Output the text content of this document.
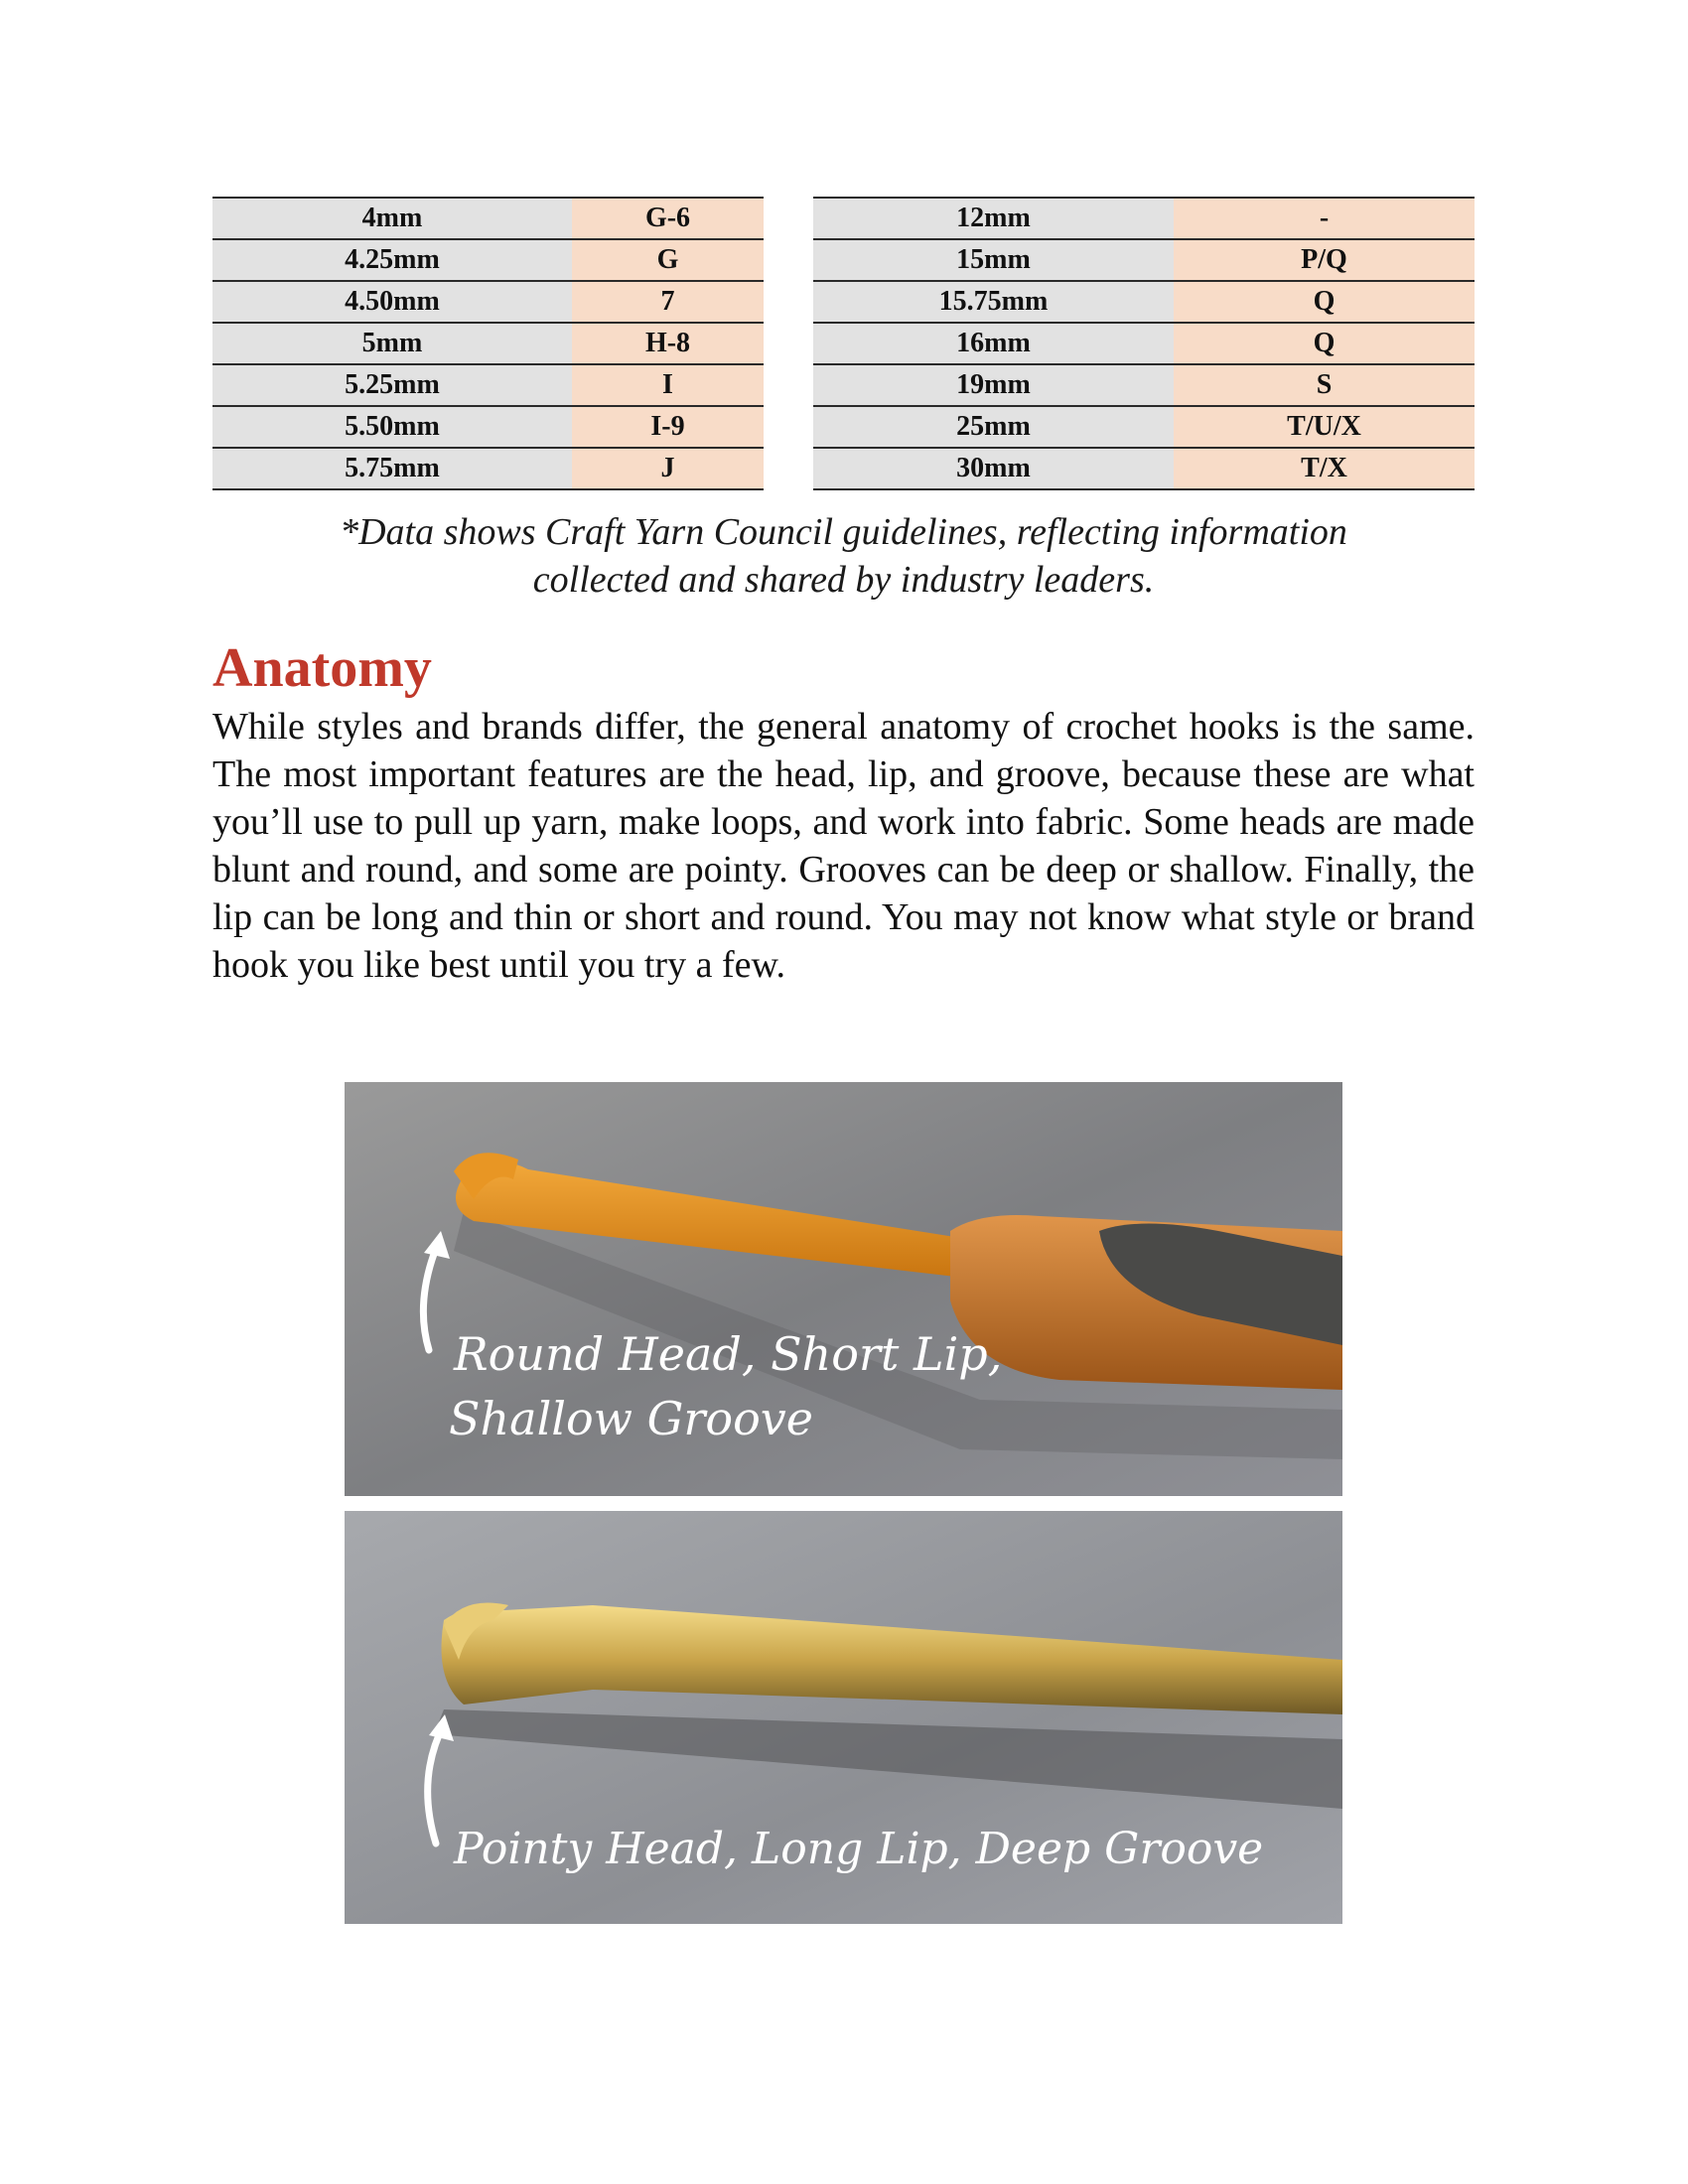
4mm	G-6
4.25mm	G
4.50mm	7
5mm	H-8
5.25mm	I
5.50mm	I-9
5.75mm	J
12mm	-
15mm	P/Q
15.75mm	Q
16mm	Q
19mm	S
25mm	T/U/X
30mm	T/X
*Data shows Craft Yarn Council guidelines, reflecting information
collected and shared by industry leaders.
Anatomy

While styles and brands differ, the general anatomy of crochet hooks is the same. The most important features are the head, lip, and groove, because these are what you’ll use to pull up yarn, make loops, and work into fabric. Some heads are made blunt and round, and some are pointy. Grooves can be deep or shallow. Finally, the lip can be long and thin or short and round. You may not know what style or brand hook you like best until you try a few.

Round Head, Short Lip,
Shallow Groove
Pointy Head, Long Lip, Deep Groove
